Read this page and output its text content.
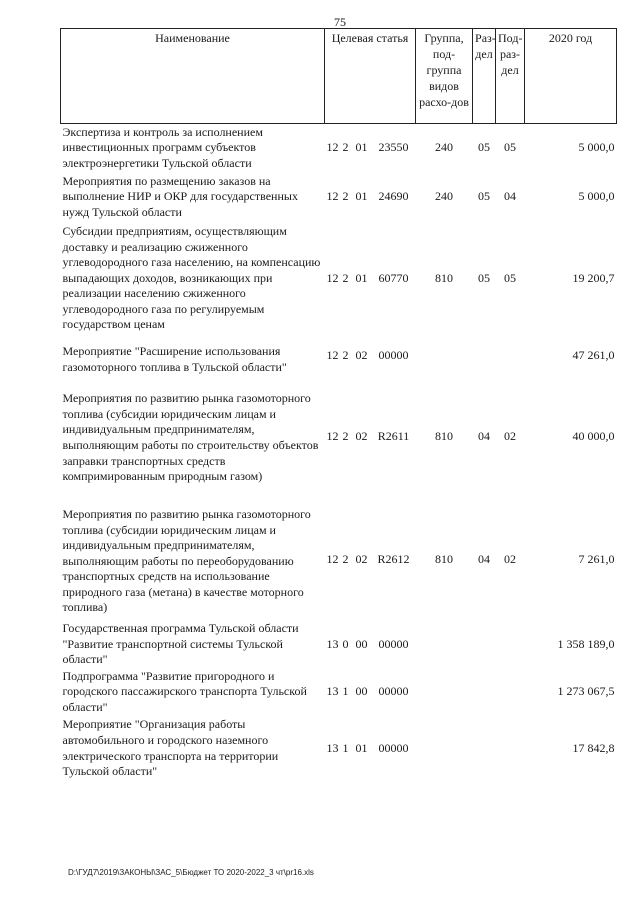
75
Наименование	Целевая статья				Группа, под-группа видов расхо-дов	Раз-дел	Под-раз-дел	2020 год
Экспертиза и контроль за исполнением инвестиционных программ субъектов электроэнергетики Тульской области	12	2	01	23550	240	05	05	5 000,0
Мероприятия по размещению заказов на выполнение НИР и ОКР для государственных нужд Тульской области	12	2	01	24690	240	05	04	5 000,0
Субсидии предприятиям, осуществляющим доставку и реализацию сжиженного углеводородного газа населению, на компенсацию выпадающих доходов, возникающих при реализации населению сжиженного углеводородного газа по регулируемым государством ценам	12	2	01	60770	810	05	05	19 200,7
Мероприятие "Расширение использования газомоторного топлива в Тульской области"	12	2	02	00000				47 261,0
Мероприятия по развитию рынка газомоторного топлива (субсидии юридическим лицам и индивидуальным предпринимателям, выполняющим работы по строительству объектов заправки транспортных средств компримированным природным газом)	12	2	02	R2611	810	04	02	40 000,0
Мероприятия по развитию рынка газомоторного топлива (субсидии юридическим лицам и индивидуальным предпринимателям, выполняющим работы по переоборудованию транспортных средств на использование природного газа (метана) в качестве моторного топлива)	12	2	02	R2612	810	04	02	7 261,0
Государственная программа Тульской области "Развитие транспортной системы Тульской области"	13	0	00	00000				1 358 189,0
Подпрограмма "Развитие пригородного и городского пассажирского транспорта Тульской области"	13	1	00	00000				1 273 067,5
Мероприятие "Организация работы автомобильного и городского наземного электрического транспорта на территории Тульской области"	13	1	01	00000				17 842,8
D:\ГУД7\2019\ЗАКОНЫ\ЗАС_5\Бюджет ТО 2020-2022_3 чт\pr16.xls
